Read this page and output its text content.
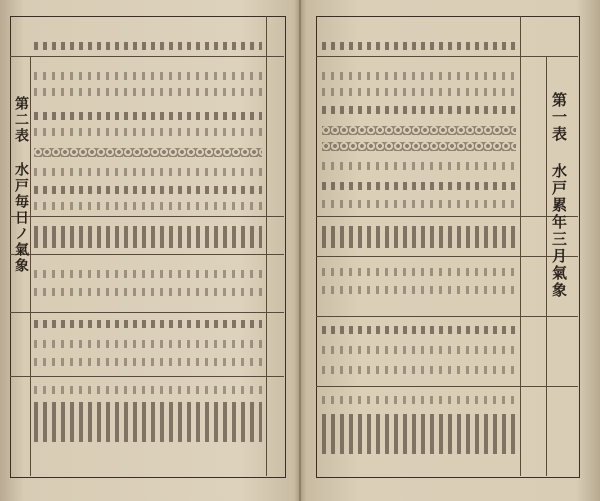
第二表 水戸毎日ノ氣象	第一表 水戸累年三月氣象
